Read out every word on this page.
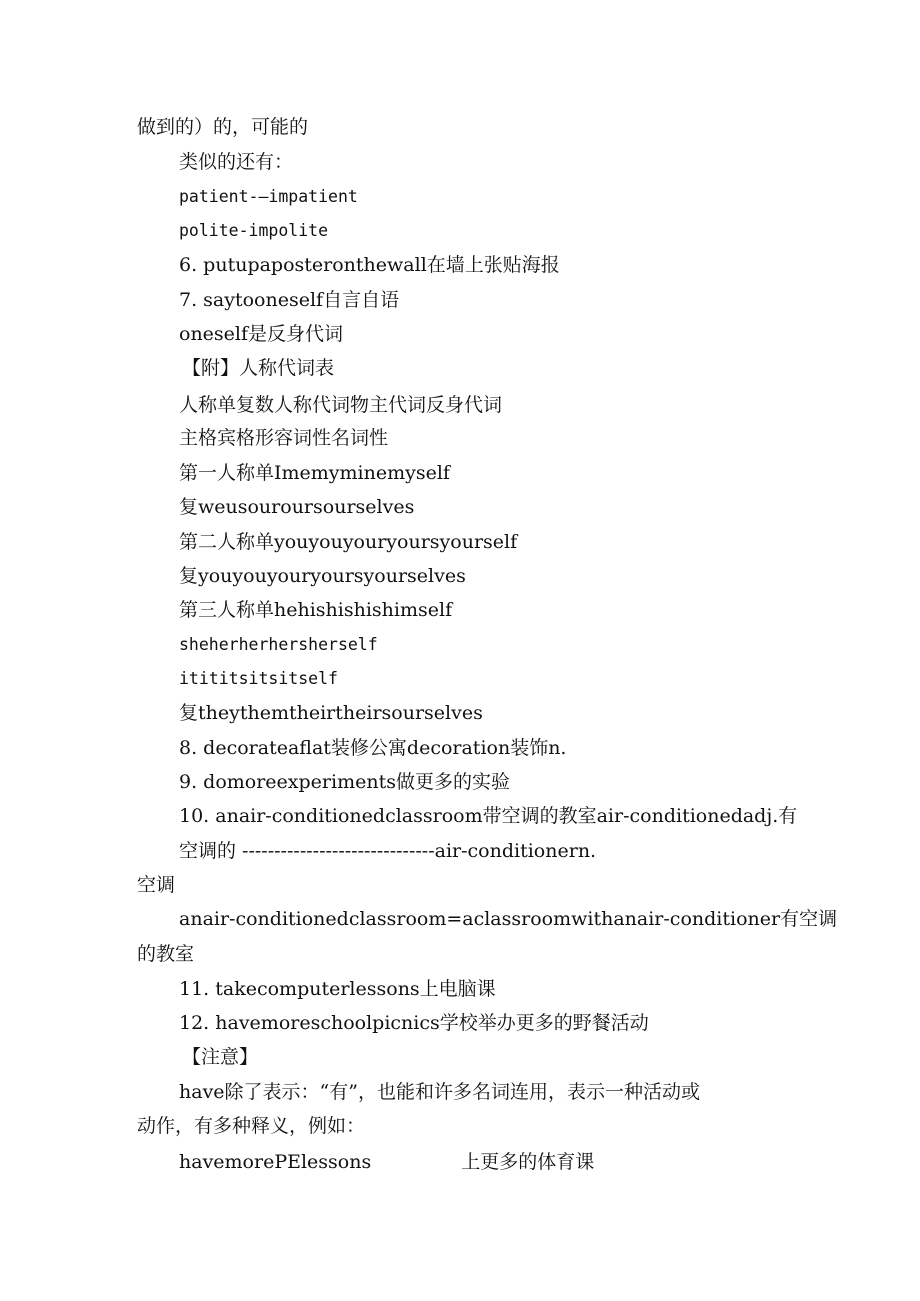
做到的）的，可能的
类似的还有：
patient-—impatient
polite-impolite
6. putupaposteronthewall在墙上张贴海报
7. saytooneself自言自语
oneself是反身代词
【附】人称代词表
人称单复数人称代词物主代词反身代词
主格宾格形容词性名词性
第一人称单Imemyminemyself
复weusouroursourselves
第二人称单youyouyouryoursyourself
复youyouyouryoursyourselves
第三人称单hehishishishimself
sheherherhersherself
itititsitsitself
复theythemtheirtheirsourselves
8. decorateaflat装修公寓decoration装饰n.
9. domoreexperiments做更多的实验
10. anair-conditionedclassroom带空调的教室air-conditionedadj.有
空调的 ------------------------------air-conditionern.
空调
anair-conditionedclassroom=aclassroomwithanair-conditioner有空调
的教室
11. takecomputerlessons上电脑课
12. havemoreschoolpicnics学校举办更多的野餐活动
【注意】
have除了表示：“有”，也能和许多名词连用，表示一种活动或
动作，有多种释义，例如：
havemorePElessons	上更多的体育课
